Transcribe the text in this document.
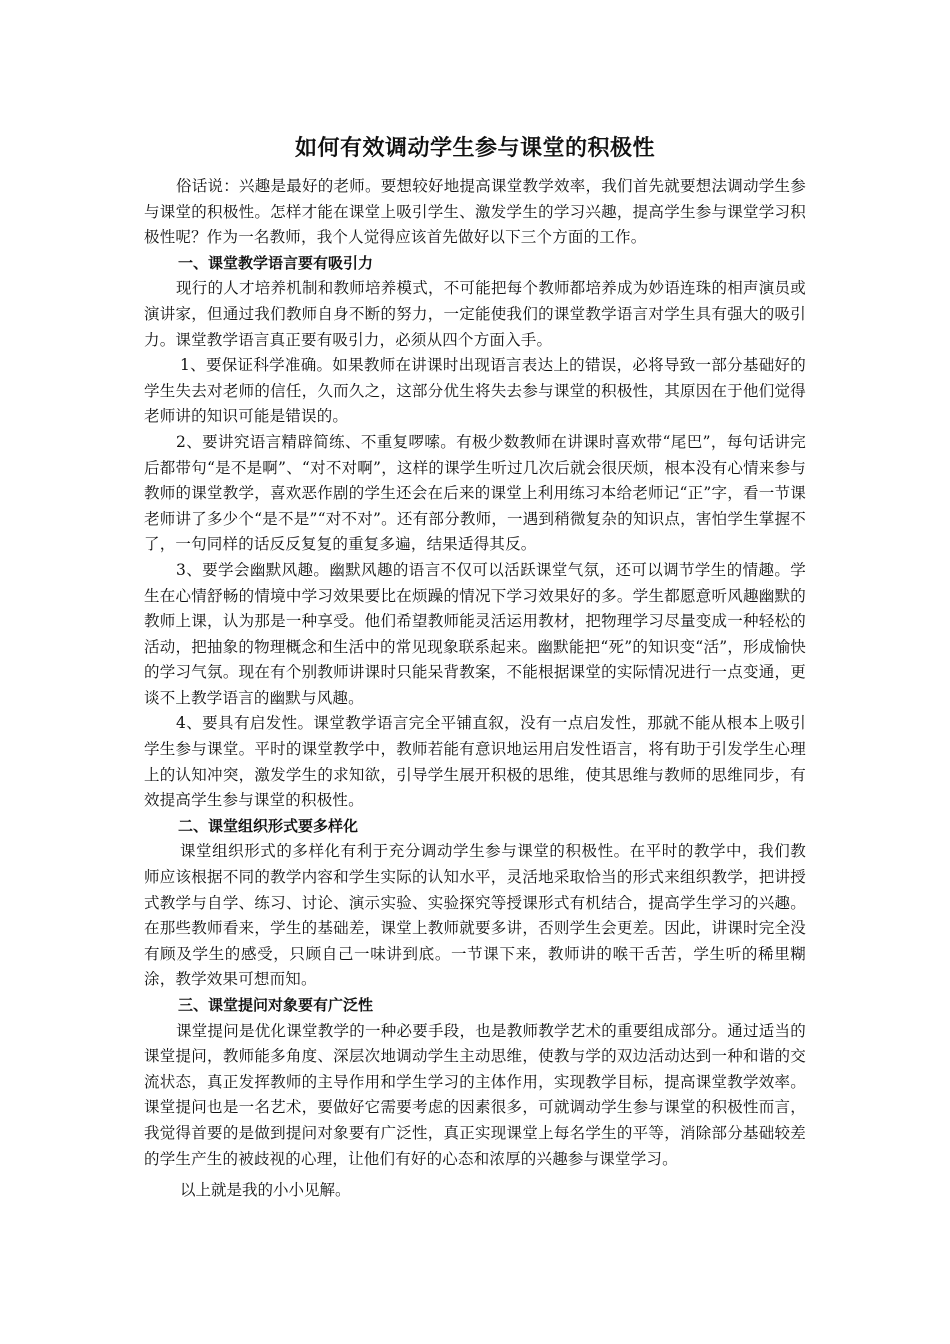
如何有效调动学生参与课堂的积极性

俗话说：兴趣是最好的老师。要想较好地提高课堂教学效率，我们首先就要想法调动学生参与课堂的积极性。怎样才能在课堂上吸引学生、激发学生的学习兴趣，提高学生参与课堂学习积极性呢？作为一名教师，我个人觉得应该首先做好以下三个方面的工作。

一、课堂教学语言要有吸引力

现行的人才培养机制和教师培养模式，不可能把每个教师都培养成为妙语连珠的相声演员或演讲家，但通过我们教师自身不断的努力，一定能使我们的课堂教学语言对学生具有强大的吸引力。课堂教学语言真正要有吸引力，必须从四个方面入手。

1、要保证科学准确。如果教师在讲课时出现语言表达上的错误，必将导致一部分基础好的学生失去对老师的信任，久而久之，这部分优生将失去参与课堂的积极性，其原因在于他们觉得老师讲的知识可能是错误的。

2、要讲究语言精辟简练、不重复啰嗦。有极少数教师在讲课时喜欢带“尾巴”，每句话讲完后都带句“是不是啊”、“对不对啊”，这样的课学生听过几次后就会很厌烦，根本没有心情来参与教师的课堂教学，喜欢恶作剧的学生还会在后来的课堂上利用练习本给老师记“正”字，看一节课老师讲了多少个“是不是”“对不对”。还有部分教师，一遇到稍微复杂的知识点，害怕学生掌握不了，一句同样的话反反复复的重复多遍，结果适得其反。

3、要学会幽默风趣。幽默风趣的语言不仅可以活跃课堂气氛，还可以调节学生的情趣。学生在心情舒畅的情境中学习效果要比在烦躁的情况下学习效果好的多。学生都愿意听风趣幽默的教师上课，认为那是一种享受。他们希望教师能灵活运用教材，把物理学习尽量变成一种轻松的活动，把抽象的物理概念和生活中的常见现象联系起来。幽默能把“死”的知识变“活”，形成愉快的学习气氛。现在有个别教师讲课时只能呆背教案，不能根据课堂的实际情况进行一点变通，更谈不上教学语言的幽默与风趣。

4、要具有启发性。课堂教学语言完全平铺直叙，没有一点启发性，那就不能从根本上吸引学生参与课堂。平时的课堂教学中，教师若能有意识地运用启发性语言，将有助于引发学生心理上的认知冲突，激发学生的求知欲，引导学生展开积极的思维，使其思维与教师的思维同步，有效提高学生参与课堂的积极性。

二、课堂组织形式要多样化

课堂组织形式的多样化有利于充分调动学生参与课堂的积极性。在平时的教学中，我们教师应该根据不同的教学内容和学生实际的认知水平，灵活地采取恰当的形式来组织教学，把讲授式教学与自学、练习、讨论、演示实验、实验探究等授课形式有机结合，提高学生学习的兴趣。在那些教师看来，学生的基础差，课堂上教师就要多讲，否则学生会更差。因此，讲课时完全没有顾及学生的感受，只顾自己一味讲到底。一节课下来，教师讲的喉干舌苦，学生听的稀里糊涂，教学效果可想而知。

三、课堂提问对象要有广泛性

课堂提问是优化课堂教学的一种必要手段，也是教师教学艺术的重要组成部分。通过适当的课堂提问，教师能多角度、深层次地调动学生主动思维，使教与学的双边活动达到一种和谐的交流状态，真正发挥教师的主导作用和学生学习的主体作用，实现教学目标，提高课堂教学效率。课堂提问也是一名艺术，要做好它需要考虑的因素很多，可就调动学生参与课堂的积极性而言，我觉得首要的是做到提问对象要有广泛性，真正实现课堂上每名学生的平等，消除部分基础较差的学生产生的被歧视的心理，让他们有好的心态和浓厚的兴趣参与课堂学习。

以上就是我的小小见解。
